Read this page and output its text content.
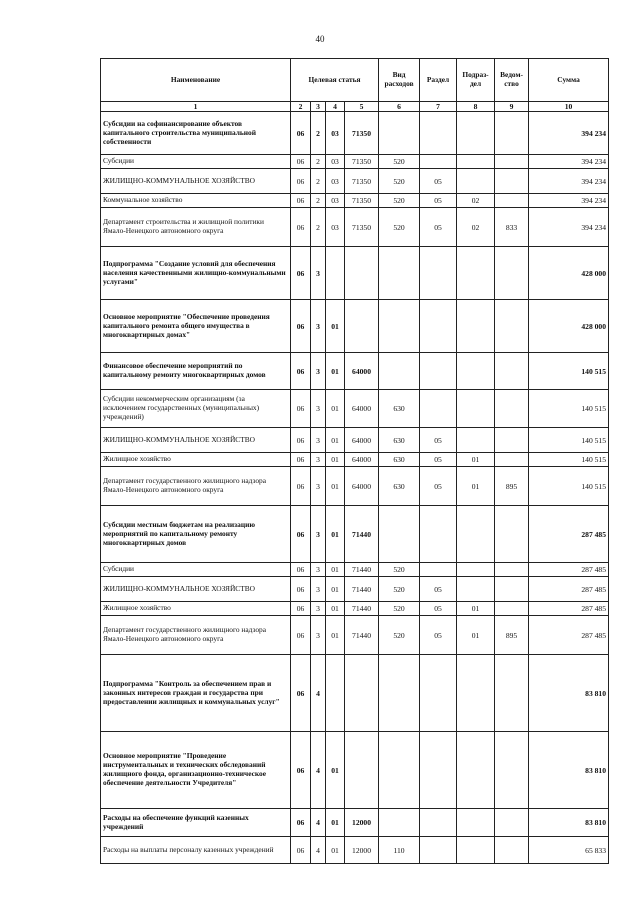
40
Наименование	Целевая статья				Вид расходов	Раздел	Подраз-дел	Ведом-ство	Сумма
1	2	3	4	5	6	7	8	9	10
Субсидии на софинансирование объектов капитального строительства муниципальной собственности	06	2	03	71350					394 234
Субсидии	06	2	03	71350	520				394 234
ЖИЛИЩНО-КОММУНАЛЬНОЕ ХОЗЯЙСТВО	06	2	03	71350	520	05			394 234
Коммунальное хозяйство	06	2	03	71350	520	05	02		394 234
Департамент строительства и жилищной политики Ямало-Ненецкого автономного округа	06	2	03	71350	520	05	02	833	394 234
Подпрограмма "Создание условий для обеспечения населения качественными жилищно-коммунальными услугами"	06	3							428 000
Основное мероприятие "Обеспечение проведения капитального ремонта общего имущества в многоквартирных домах"	06	3	01						428 000
Финансовое обеспечение мероприятий по капитальному ремонту многоквартирных домов	06	3	01	64000					140 515
Субсидии некоммерческим организациям (за исключением государственных (муниципальных) учреждений)	06	3	01	64000	630				140 515
ЖИЛИЩНО-КОММУНАЛЬНОЕ ХОЗЯЙСТВО	06	3	01	64000	630	05			140 515
Жилищное хозяйство	06	3	01	64000	630	05	01		140 515
Департамент государственного жилищного надзора Ямало-Ненецкого автономного округа	06	3	01	64000	630	05	01	895	140 515
Субсидии местным бюджетам на реализацию мероприятий по капитальному ремонту многоквартирных домов	06	3	01	71440					287 485
Субсидии	06	3	01	71440	520				287 485
ЖИЛИЩНО-КОММУНАЛЬНОЕ ХОЗЯЙСТВО	06	3	01	71440	520	05			287 485
Жилищное хозяйство	06	3	01	71440	520	05	01		287 485
Департамент государственного жилищного надзора Ямало-Ненецкого автономного округа	06	3	01	71440	520	05	01	895	287 485
Подпрограмма "Контроль за обеспечением прав и законных интересов граждан и государства при предоставлении жилищных и коммунальных услуг"	06	4							83 810
Основное мероприятие "Проведение инструментальных и технических обследований жилищного фонда, организационно-техническое обеспечение деятельности Учредителя"	06	4	01						83 810
Расходы на обеспечение функций казенных учреждений	06	4	01	12000					83 810
Расходы на выплаты персоналу казенных учреждений	06	4	01	12000	110				65 833
